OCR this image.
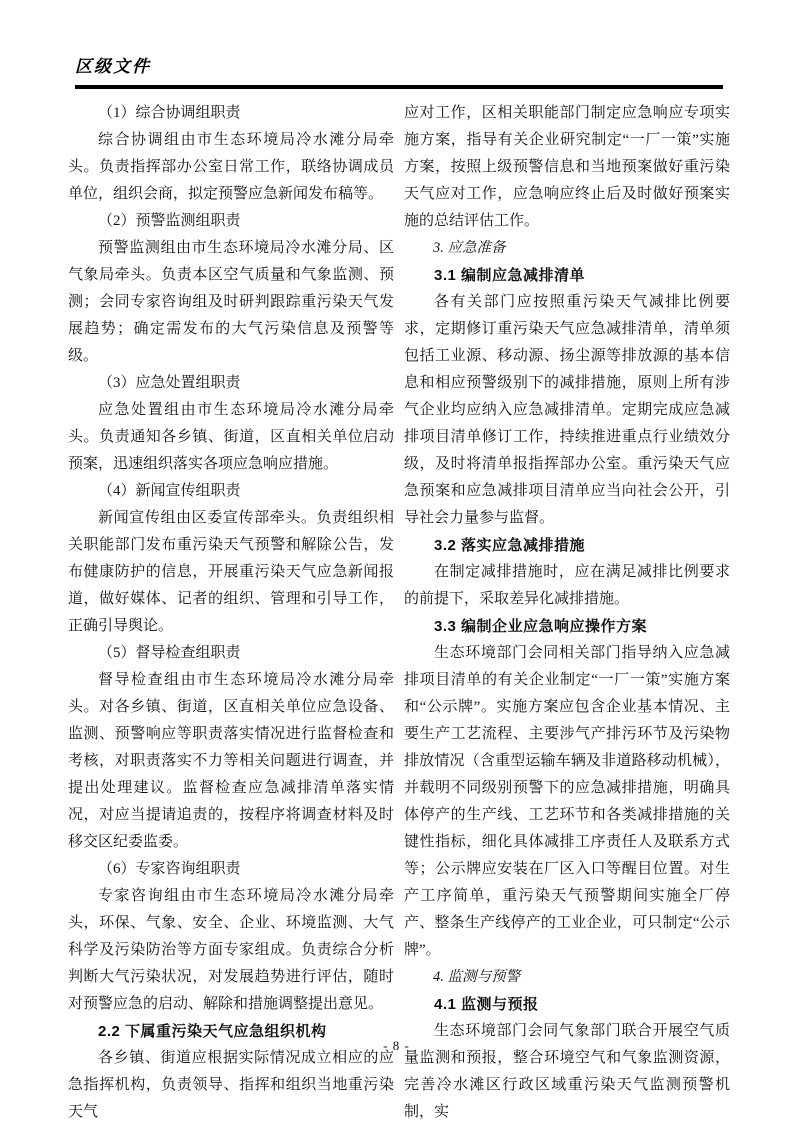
区级文件

（1）综合协调组职责

综合协调组由市生态环境局冷水滩分局牵头。负责指挥部办公室日常工作，联络协调成员单位，组织会商，拟定预警应急新闻发布稿等。

（2）预警监测组职责

预警监测组由市生态环境局冷水滩分局、区气象局牵头。负责本区空气质量和气象监测、预测；会同专家咨询组及时研判跟踪重污染天气发展趋势；确定需发布的大气污染信息及预警等级。

（3）应急处置组职责

应急处置组由市生态环境局冷水滩分局牵头。负责通知各乡镇、街道，区直相关单位启动预案，迅速组织落实各项应急响应措施。

（4）新闻宣传组职责

新闻宣传组由区委宣传部牵头。负责组织相关职能部门发布重污染天气预警和解除公告，发布健康防护的信息，开展重污染天气应急新闻报道，做好媒体、记者的组织、管理和引导工作，正确引导舆论。

（5）督导检查组职责

督导检查组由市生态环境局冷水滩分局牵头。对各乡镇、街道，区直相关单位应急设备、监测、预警响应等职责落实情况进行监督检查和考核，对职责落实不力等相关问题进行调查，并提出处理建议。监督检查应急减排清单落实情况，对应当提请追责的，按程序将调查材料及时移交区纪委监委。

（6）专家咨询组职责

专家咨询组由市生态环境局冷水滩分局牵头，环保、气象、安全、企业、环境监测、大气科学及污染防治等方面专家组成。负责综合分析判断大气污染状况，对发展趋势进行评估，随时对预警应急的启动、解除和措施调整提出意见。

2.2 下属重污染天气应急组织机构

各乡镇、街道应根据实际情况成立相应的应急指挥机构，负责领导、指挥和组织当地重污染天气

应对工作，区相关职能部门制定应急响应专项实施方案，指导有关企业研究制定“一厂一策”实施方案，按照上级预警信息和当地预案做好重污染天气应对工作，应急响应终止后及时做好预案实施的总结评估工作。

3. 应急准备

3.1 编制应急减排清单

各有关部门应按照重污染天气减排比例要求，定期修订重污染天气应急减排清单，清单须包括工业源、移动源、扬尘源等排放源的基本信息和相应预警级别下的减排措施，原则上所有涉气企业均应纳入应急减排清单。定期完成应急减排项目清单修订工作，持续推进重点行业绩效分级，及时将清单报指挥部办公室。重污染天气应急预案和应急减排项目清单应当向社会公开，引导社会力量参与监督。

3.2 落实应急减排措施

在制定减排措施时，应在满足减排比例要求的前提下，采取差异化减排措施。

3.3 编制企业应急响应操作方案

生态环境部门会同相关部门指导纳入应急减排项目清单的有关企业制定“一厂一策”实施方案和“公示牌”。实施方案应包含企业基本情况、主要生产工艺流程、主要涉气产排污环节及污染物排放情况（含重型运输车辆及非道路移动机械），并载明不同级别预警下的应急减排措施，明确具体停产的生产线、工艺环节和各类减排措施的关键性指标，细化具体减排工序责任人及联系方式等；公示牌应安装在厂区入口等醒目位置。对生产工序简单，重污染天气预警期间实施全厂停产、整条生产线停产的工业企业，可只制定“公示牌”。

4. 监测与预警

4.1 监测与预报

生态环境部门会同气象部门联合开展空气质量监测和预报，整合环境空气和气象监测资源，完善冷水滩区行政区域重污染天气监测预警机制，实

- 8 -
